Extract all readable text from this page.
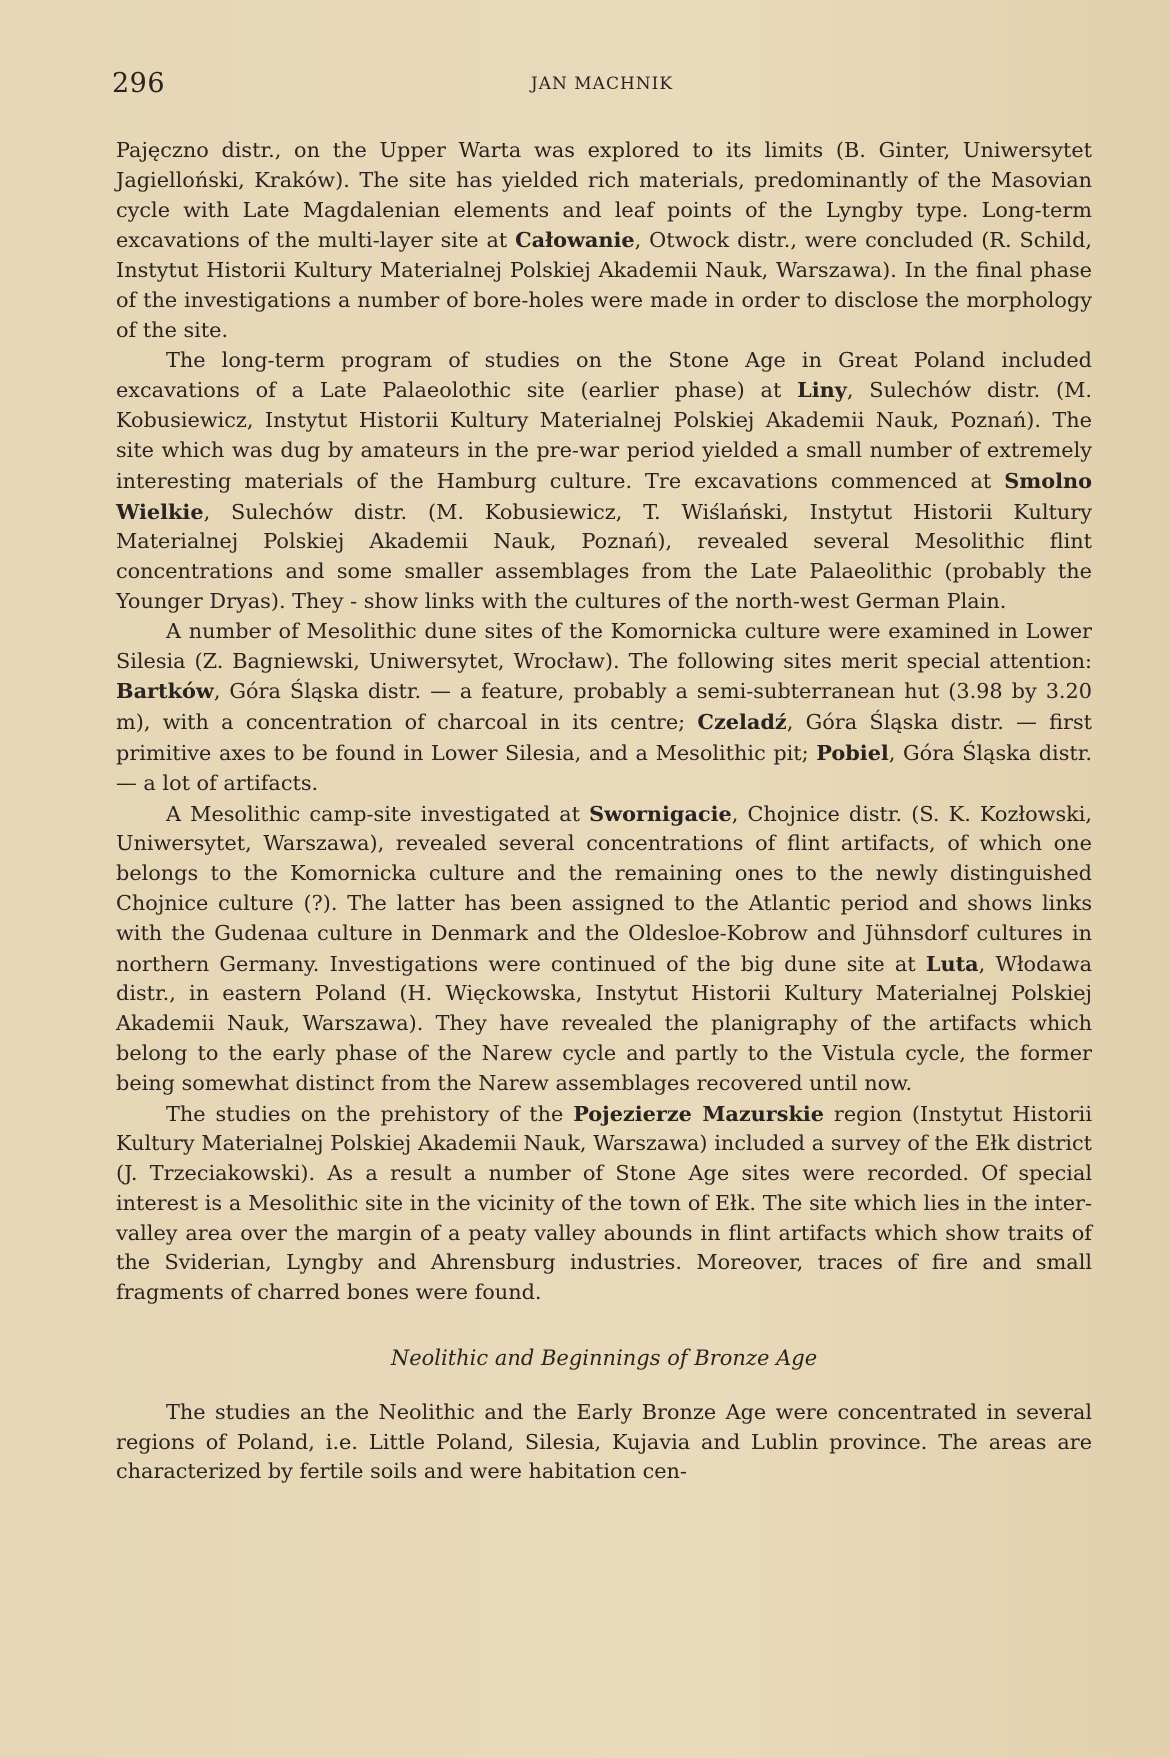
296	JAN MACHNIK

Pajęczno distr., on the Upper Warta was explored to its limits (B. Ginter, Uniwersytet Jagielloński, Kraków). The site has yielded rich materials, predominantly of the Masovian cycle with Late Magdalenian elements and leaf points of the Lyngby type. Long-term excavations of the multi-layer site at Całowanie, Otwock distr., were concluded (R. Schild, Instytut Historii Kultury Materialnej Polskiej Akademii Nauk, Warszawa). In the final phase of the investigations a number of bore-holes were made in order to disclose the morphology of the site.

The long-term program of studies on the Stone Age in Great Poland included excavations of a Late Palaeolothic site (earlier phase) at Liny, Sulechów distr. (M. Kobusiewicz, Instytut Historii Kultury Materialnej Polskiej Akademii Nauk, Poznań). The site which was dug by amateurs in the pre-war period yielded a small number of extremely interesting materials of the Hamburg culture. Tre excavations commenced at Smolno Wielkie, Sulechów distr. (M. Kobusiewicz, T. Wiślański, Instytut Historii Kultury Materialnej Polskiej Akademii Nauk, Poznań), revealed several Mesolithic flint concentrations and some smaller assemblages from the Late Palaeolithic (probably the Younger Dryas). They - show links with the cultures of the north-west German Plain.

A number of Mesolithic dune sites of the Komornicka culture were examined in Lower Silesia (Z. Bagniewski, Uniwersytet, Wrocław). The following sites merit special attention: Bartków, Góra Śląska distr. — a feature, probably a semi-subterranean hut (3.98 by 3.20 m), with a concentration of charcoal in its centre; Czeladź, Góra Śląska distr. — first primitive axes to be found in Lower Silesia, and a Mesolithic pit; Pobiel, Góra Śląska distr. — a lot of artifacts.

A Mesolithic camp-site investigated at Swornigacie, Chojnice distr. (S. K. Kozłowski, Uniwersytet, Warszawa), revealed several concentrations of flint artifacts, of which one belongs to the Komornicka culture and the remaining ones to the newly distinguished Chojnice culture (?). The latter has been assigned to the Atlantic period and shows links with the Gudenaa culture in Denmark and the Oldesloe-Kobrow and Jühnsdorf cultures in northern Germany. Investigations were continued of the big dune site at Luta, Włodawa distr., in eastern Poland (H. Więckowska, Instytut Historii Kultury Materialnej Polskiej Akademii Nauk, Warszawa). They have revealed the planigraphy of the artifacts which belong to the early phase of the Narew cycle and partly to the Vistula cycle, the former being somewhat distinct from the Narew assemblages recovered until now.

The studies on the prehistory of the Pojezierze Mazurskie region (Instytut Historii Kultury Materialnej Polskiej Akademii Nauk, Warszawa) included a survey of the Ełk district (J. Trzeciakowski). As a result a number of Stone Age sites were recorded. Of special interest is a Mesolithic site in the vicinity of the town of Ełk. The site which lies in the inter-valley area over the margin of a peaty valley abounds in flint artifacts which show traits of the Sviderian, Lyngby and Ahrensburg industries. Moreover, traces of fire and small fragments of charred bones were found.

Neolithic and Beginnings of Bronze Age

The studies an the Neolithic and the Early Bronze Age were concentrated in several regions of Poland, i.e. Little Poland, Silesia, Kujavia and Lublin province. The areas are characterized by fertile soils and were habitation cen-
